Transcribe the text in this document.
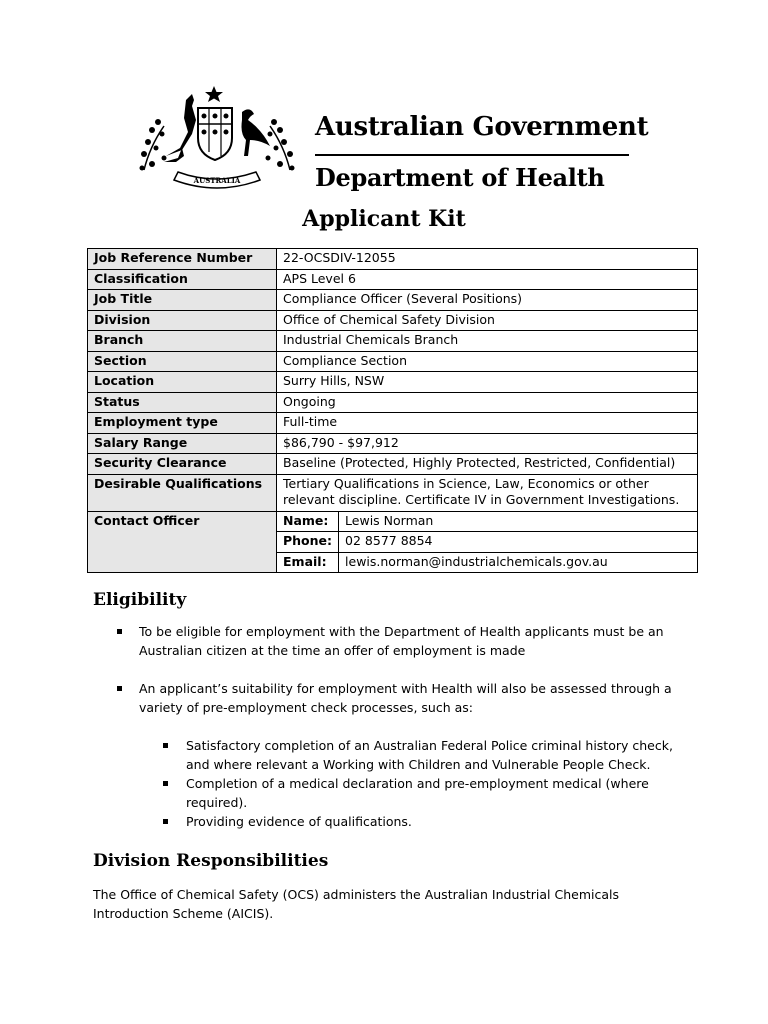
AUSTRALIA
Australian Government
Department of Health
Applicant Kit
Job Reference Number	22-OCSDIV-12055
Classification	APS Level 6
Job Title	Compliance Officer (Several Positions)
Division	Office of Chemical Safety Division
Branch	Industrial Chemicals Branch
Section	Compliance Section
Location	Surry Hills, NSW
Status	Ongoing
Employment type	Full-time
Salary Range	$86,790 - $97,912
Security Clearance	Baseline (Protected, Highly Protected, Restricted, Confidential)
Desirable Qualifications	Tertiary Qualifications in Science, Law, Economics or other
relevant discipline. Certificate IV in Government Investigations.

Contact Officer		Name:	Lewis Norman
Phone:	02 8577 8854
Email:	lewis.norman@industrialchemicals.gov.au
Eligibility
To be eligible for employment with the Department of Health applicants must be an
Australian citizen at the time an offer of employment is made
An applicant’s suitability for employment with Health will also be assessed through a
variety of pre-employment check processes, such as:
Satisfactory completion of an Australian Federal Police criminal history check,
and where relevant a Working with Children and Vulnerable People Check.
Completion of a medical declaration and pre-employment medical (where
required).
Providing evidence of qualifications.
Division Responsibilities
The Office of Chemical Safety (OCS) administers the Australian Industrial Chemicals
Introduction Scheme (AICIS).
